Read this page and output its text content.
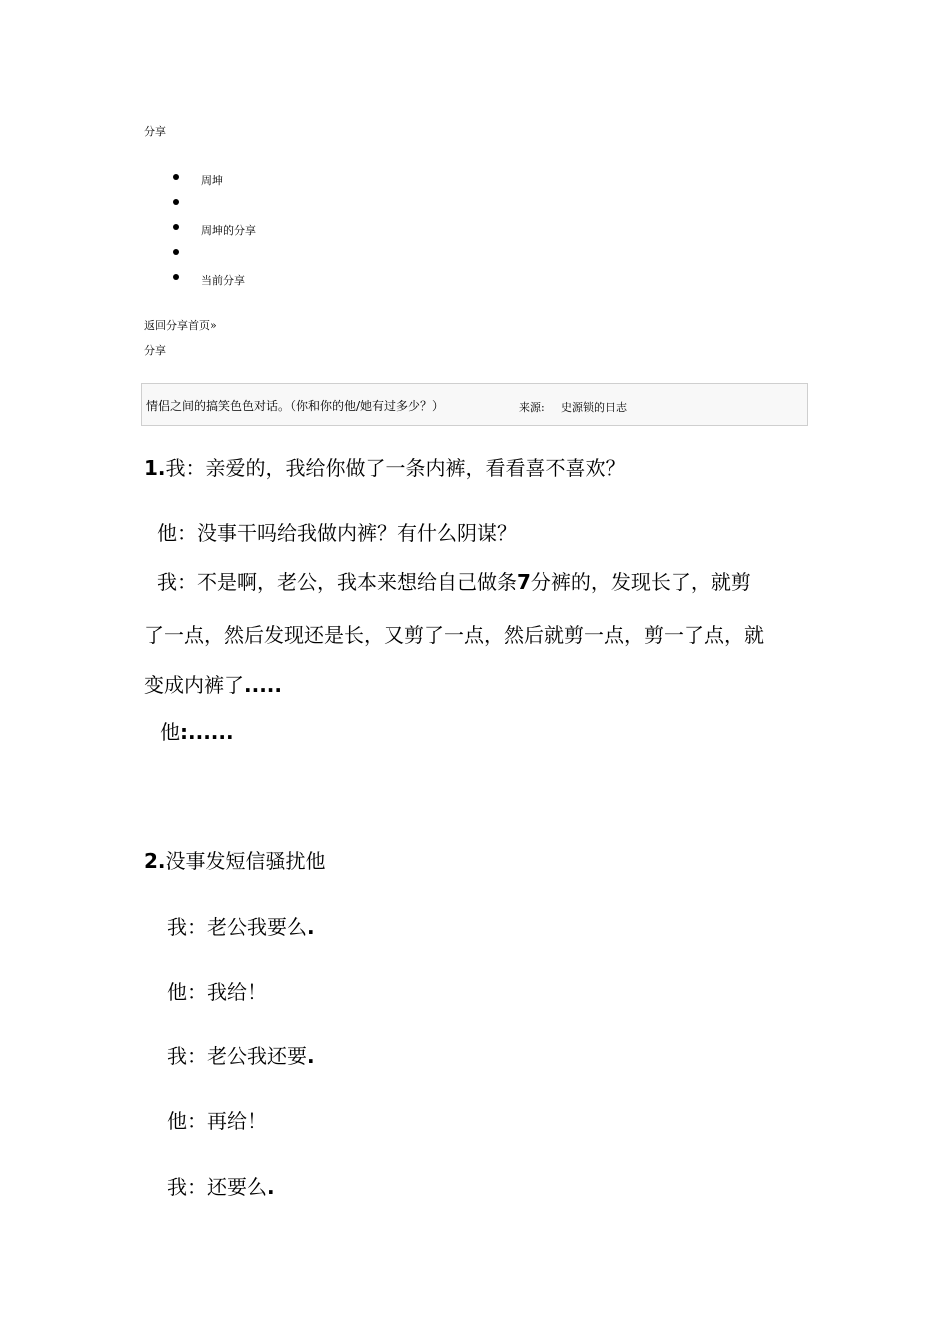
分享
周坤
周坤的分享
当前分享
返回分享首页»
分享
情侣之间的搞笑色色对话。（你和你的他/她有过多少？）	来源: 史源锁的日志
1.我：亲爱的，我给你做了一条内裤，看看喜不喜欢？
他：没事干吗给我做内裤？有什么阴谋？
我：不是啊，老公，我本来想给自己做条7分裤的，发现长了，就剪
了一点，然后发现还是长，又剪了一点，然后就剪一点，剪一了点，就
变成内裤了.....
他:......
2.没事发短信骚扰他
我：老公我要么.
他：我给！
我：老公我还要.
他：再给！
我：还要么.
